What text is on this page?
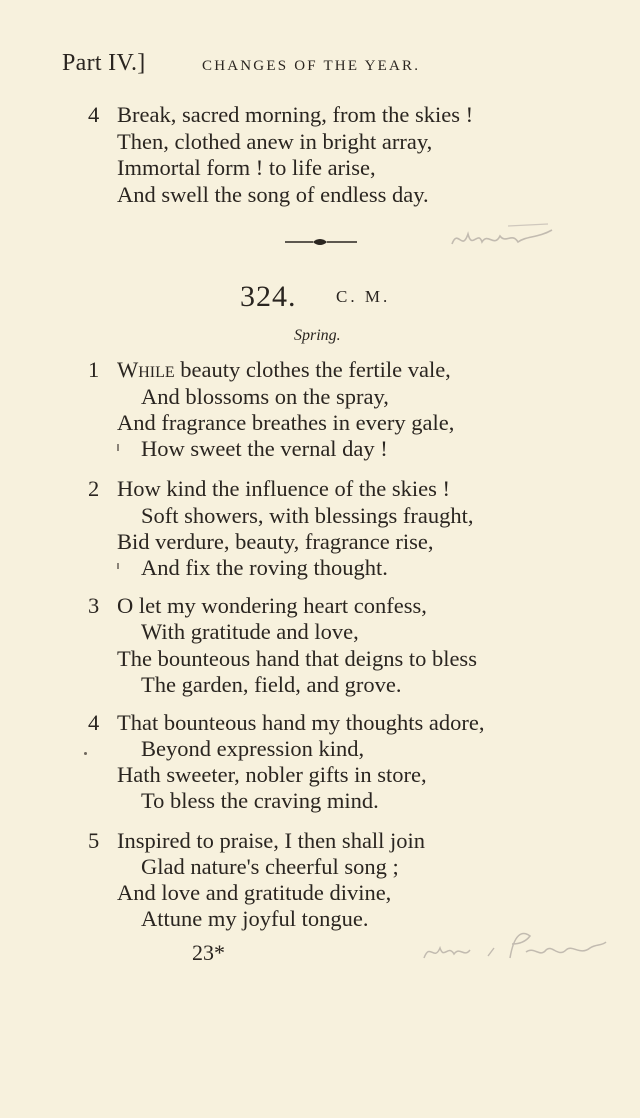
Part IV.]	CHANGES OF THE YEAR.
4 Break, sacred morning, from the skies !
Then, clothed anew in bright array,
Immortal form ! to life arise,
And swell the song of endless day.
324. C. M.
Spring.
1 While beauty clothes the fertile vale,
And blossoms on the spray,
And fragrance breathes in every gale,
How sweet the vernal day !
2 How kind the influence of the skies !
Soft showers, with blessings fraught,
Bid verdure, beauty, fragrance rise,
And fix the roving thought.
3 O let my wondering heart confess,
With gratitude and love,
The bounteous hand that deigns to bless
The garden, field, and grove.
4 That bounteous hand my thoughts adore,
Beyond expression kind,
Hath sweeter, nobler gifts in store,
To bless the craving mind.
5 Inspired to praise, I then shall join
Glad nature's cheerful song ;
And love and gratitude divine,
Attune my joyful tongue.
23*
